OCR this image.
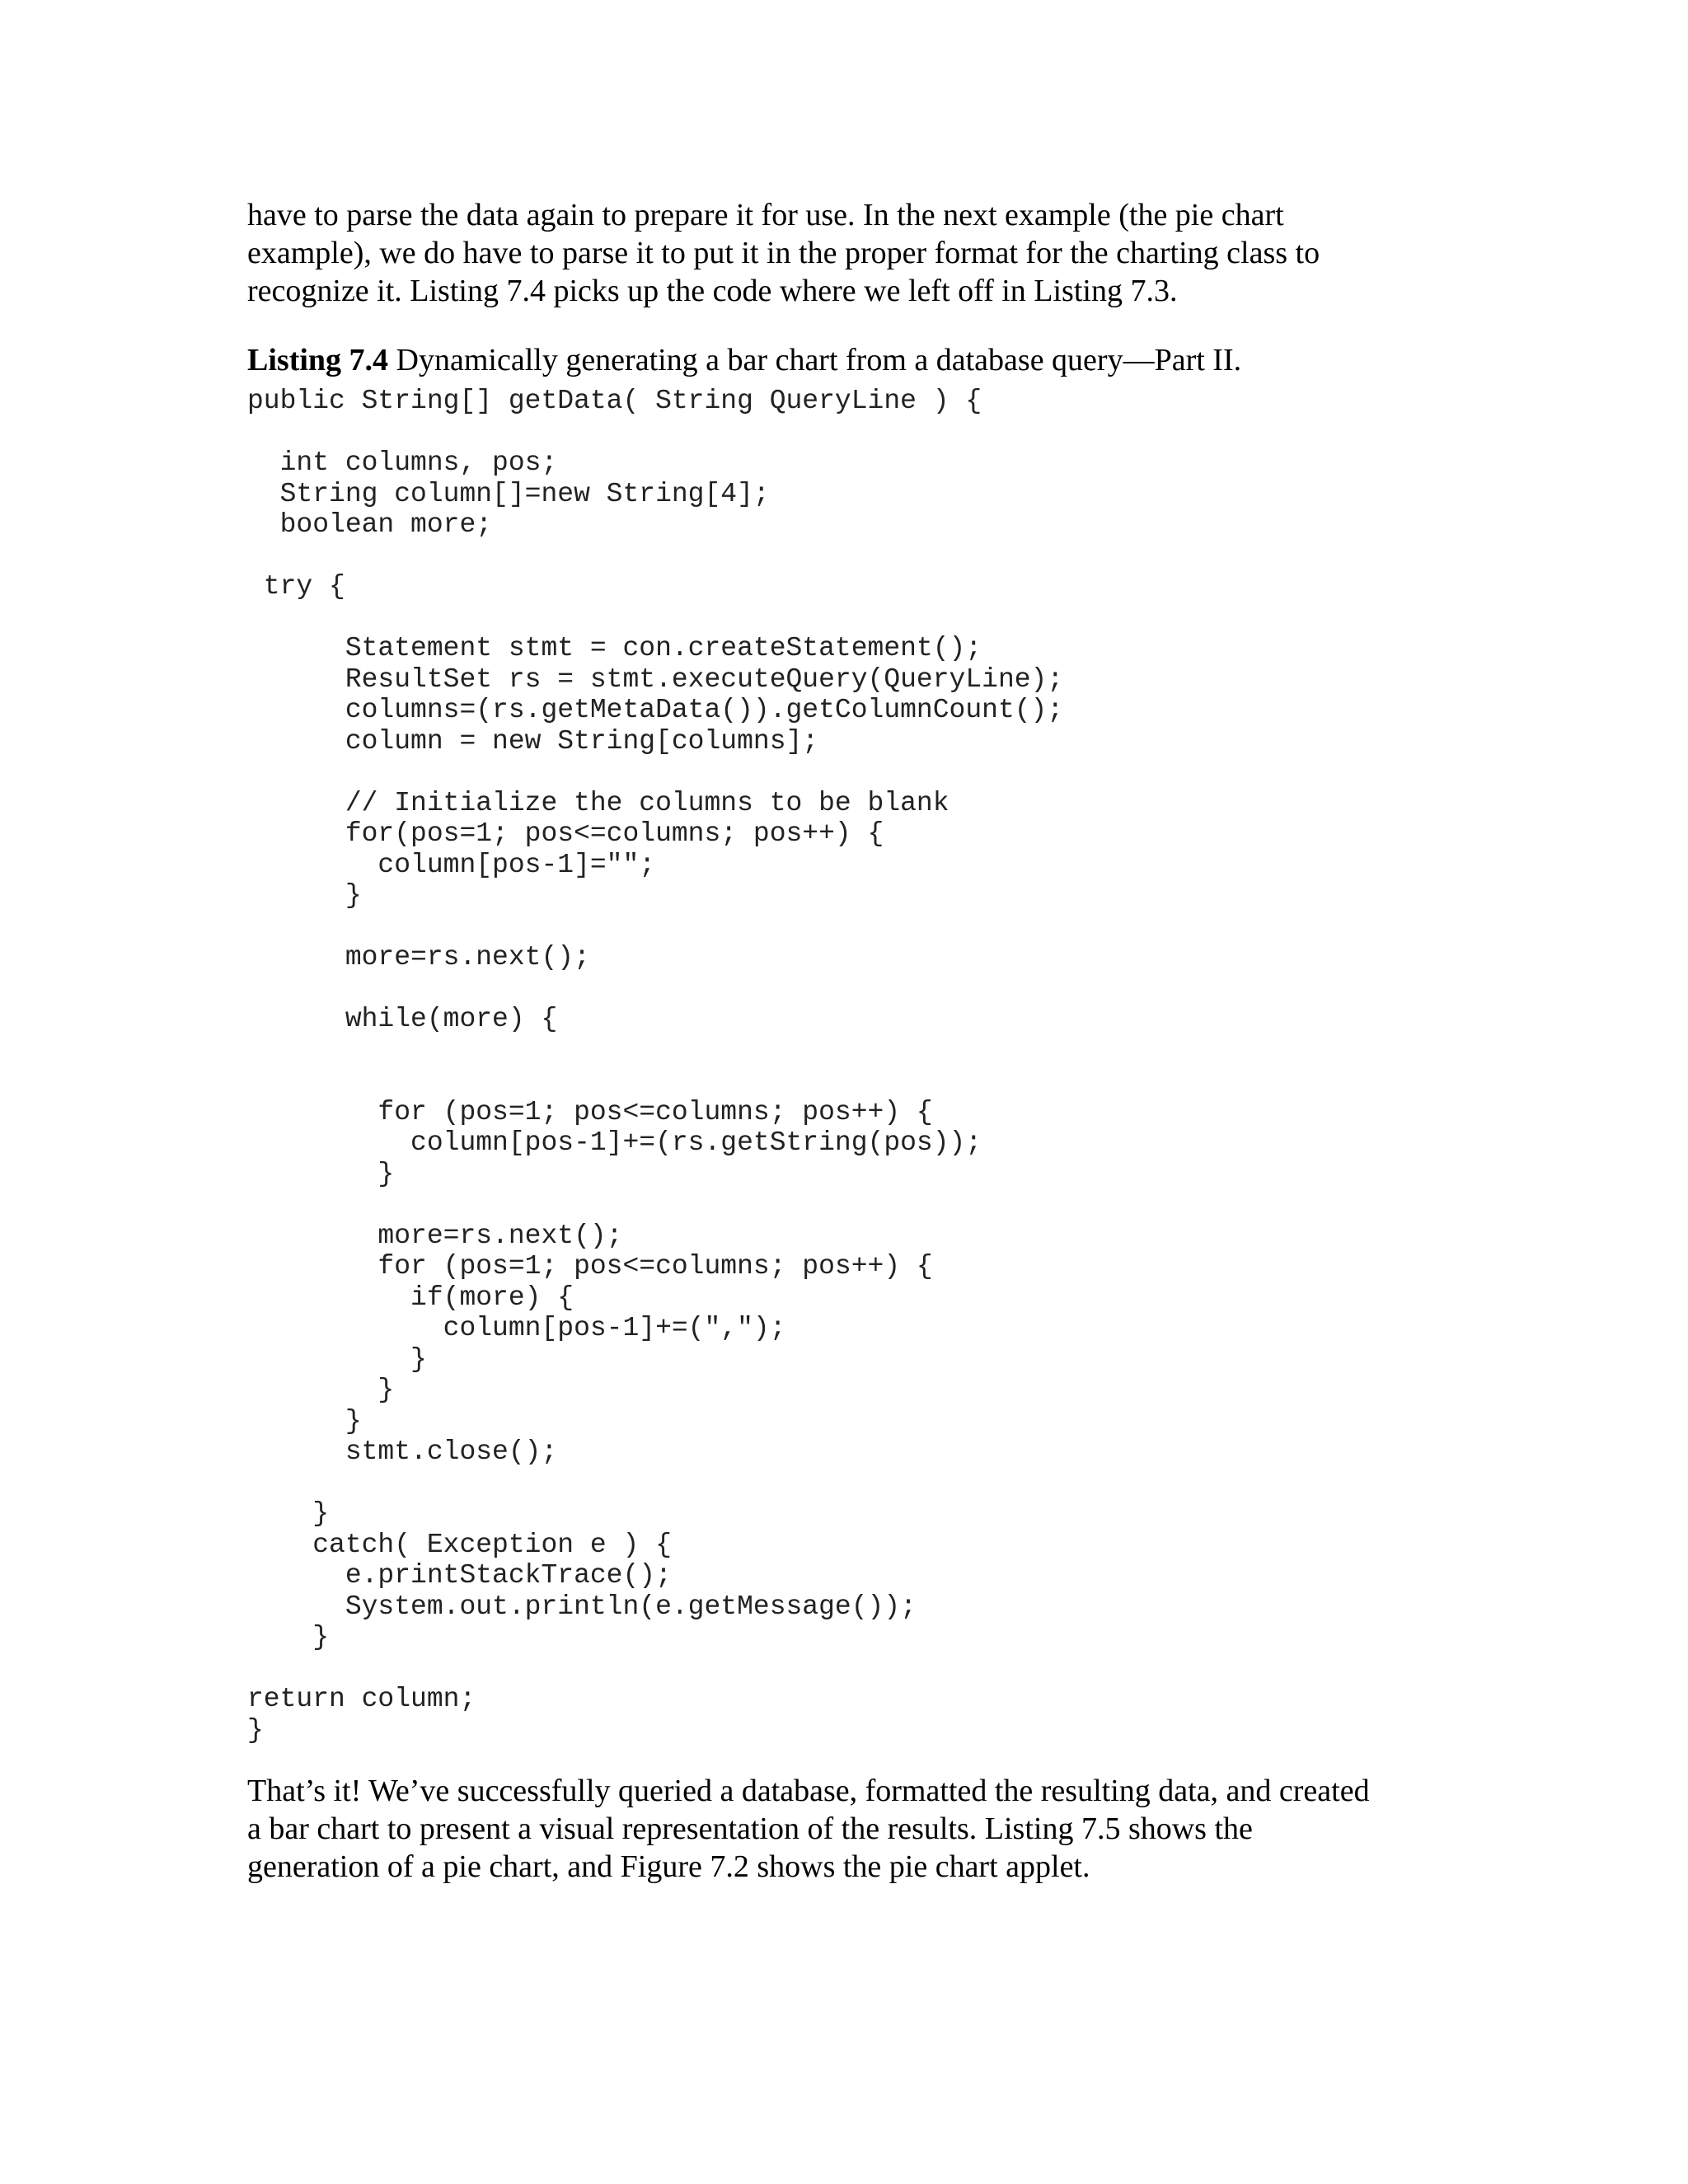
have to parse the data again to prepare it for use. In the next example (the pie chart
example), we do have to parse it to put it in the proper format for the charting class to
recognize it. Listing 7.4 picks up the code where we left off in Listing 7.3.

Listing 7.4 Dynamically generating a bar chart from a database query—Part II.

public String[] getData( String QueryLine ) {
int columns, pos;
String column[]=new String[4];
boolean more;
try {
Statement stmt = con.createStatement();
ResultSet rs = stmt.executeQuery(QueryLine);
columns=(rs.getMetaData()).getColumnCount();
column = new String[columns];
// Initialize the columns to be blank
for(pos=1; pos<=columns; pos++) {
column[pos-1]="";
}
more=rs.next();
while(more) {
for (pos=1; pos<=columns; pos++) {
column[pos-1]+=(rs.getString(pos));
}
more=rs.next();
for (pos=1; pos<=columns; pos++) {
if(more) {
column[pos-1]+=(",");
}
}
}
stmt.close();
}
catch( Exception e ) {
e.printStackTrace();
System.out.println(e.getMessage());
}
return column;
}

That’s it! We’ve successfully queried a database, formatted the resulting data, and created
a bar chart to present a visual representation of the results. Listing 7.5 shows the
generation of a pie chart, and Figure 7.2 shows the pie chart applet.
